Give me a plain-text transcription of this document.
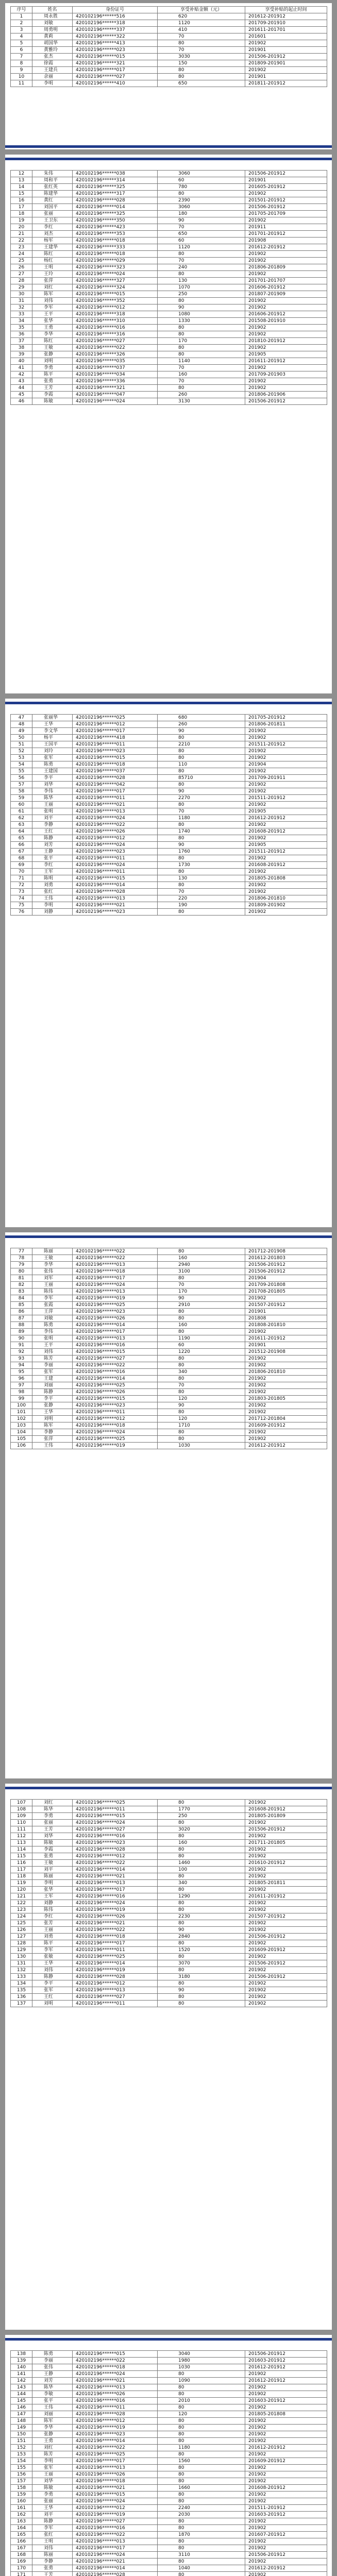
序号	姓名	身份证号	享受补贴金额（元）	享受补贴的起止时间
1	周永胜	420102196******516	620	201612-201912
2	刘敏	420102196******318	1120	201709-201910
3	周勇明	420102196******337	410	201611-201701
4	黄莉	420102196******322	70	201601
5	胡国华	420102196******413	80	201902
6	黄雅玲	420102196******023	70	201901
7	张杰	420102196******015	3030	201506-201912
8	徐霞	420102196******321	150	201809-201901
9	王建兵	420102196******017	80	201902
10	余丽	420102196******027	80	201901
11	李明	420102196******410	650	201811-201912
12	朱伟	420102196******038	3060	201506-201912
13	周和平	420102196******314	60	201901
14	张红英	420102196******325	780	201605-201912
15	陈建华	420102196******317	80	201902
16	黄红	420102196******028	2390	201501-201912
17	刘国平	420102196******014	3060	201506-201912
18	张丽	420102196******325	180	201705-201709
19	王卫东	420102196******350	90	201902
20	李红	420102196******423	70	201911
21	刘杰	420102196******353	650	201701-201912
22	杨军	420102196******018	60	201908
23	王建华	420102196******333	1120	201612-201912
24	陈红	420102196******018	80	201902
25	杨红	420102196******029	70	201902
26	王明	420102196******323	240	201806-201809
27	王玲	420102196******024	80	201902
28	张萍	420102196******327	130	201701-201707
29	刘红	420102196******324	1070	201606-201912
30	陈军	420102196******015	250	201807-201909
31	刘伟	420102196******352	80	201902
32	李军	420102196******012	90	201902
33	王平	420102196******318	1080	201606-201912
34	张华	420102196******310	1330	201508-201910
35	王勇	420102196******016	80	201902
36	李华	420102196******316	80	201902
37	陈红	420102196******027	170	201810-201912
38	王敏	420102196******022	80	201902
39	张静	420102196******326	80	201905
40	刘明	420102196******035	1140	201611-201912
41	李勇	420102196******037	70	201902
42	陈平	420102196******034	160	201709-201903
43	张勇	420102196******336	70	201902
44	王芳	420102196******321	80	201902
45	李霞	420102196******047	260	201806-201906
46	陈敏	420102196******024	3130	201506-201912
47	张丽华	420102196******025	680	201705-201912
48	王华	420102196******012	260	201806-201811
49	李文华	420102196******017	90	201902
50	杨平	420102196******418	80	201902
51	王国平	420102196******011	2210	201511-201912
52	刘玲	420102196******023	80	201902
53	张军	420102196******015	80	201902
54	陈勇	420102196******018	110	201904
55	王建国	420102196******037	80	201902
56	李平	420102196******028	85710	201709-201911
57	刘华	420102196******042	80	201902
58	李伟	420102196******017	90	201902
59	陈华	420102196******011	2270	201511-201912
60	王丽	420102196******021	80	201902
61	张明	420102196******013	70	201905
62	刘平	420102196******024	1180	201612-201912
63	李静	420102196******022	80	201902
64	王红	420102196******026	1740	201608-201912
65	陈静	420102196******012	80	201902
66	刘芳	420102196******024	90	201905
67	王静	420102196******023	1760	201511-201912
68	张平	420102196******011	80	201902
69	李红	420102196******024	1730	201608-201912
70	王军	420102196******011	80	201902
71	陈明	420102196******015	130	201805-201808
72	刘勇	420102196******014	80	201902
73	张红	420102196******028	70	201902
74	王伟	420102196******013	220	201806-201810
75	李明	420102196******021	190	201809-201902
76	刘静	420102196******023	80	201902
77	陈丽	420102196******022	80	201712-201908
78	王敏	420102196******022	160	201612-201803
79	李华	420102196******013	2940	201506-201912
80	张伟	420102196******018	3100	201506-201912
81	刘军	420102196******017	80	201904
82	王丽	420102196******024	70	201709-201808
83	陈伟	420102196******013	170	201708-201805
84	李军	420102196******019	90	201902
85	张霞	420102196******025	2910	201507-201912
86	王萍	420102196******023	80	201901
87	刘敏	420102196******026	80	201808
88	陈勇	420102196******014	160	201808-201810
89	李伟	420102196******017	80	201902
90	张明	420102196******013	1190	201611-201912
91	王平	420102196******016	60	201901
92	刘伟	420102196******015	1220	201512-201908
93	陈芳	420102196******027	80	201902
94	李丽	420102196******022	80	201902
95	张军	420102196******016	340	201806-201810
96	王建	420102196******014	80	201902
97	刘丽	420102196******025	70	201902
98	陈静	420102196******026	80	201902
99	李平	420102196******015	120	201803-201805
100	张静	420102196******023	90	201902
101	王华	420102196******011	80	201902
102	刘明	420102196******012	120	201712-201804
103	陈军	420102196******018	1710	201609-201912
104	李静	420102196******024	80	201902
105	张萍	420102196******025	80	201902
106	王伟	420102196******019	1030	201612-201912
107	刘红	420102196******025	80	201902
108	陈华	420102196******011	1770	201608-201912
109	李勇	420102196******015	250	201805-201809
110	张丽	420102196******024	80	201902
111	王芳	420102196******027	3020	201506-201912
112	刘华	420102196******016	80	201902
113	陈敏	420102196******023	160	201711-201805
114	李霞	420102196******028	80	201902
115	张勇	420102196******012	80	201902
116	王敏	420102196******022	1460	201610-201912
117	刘平	420102196******014	100	201902
118	陈丽	420102196******021	80	201902
119	李明	420102196******013	340	201805-201811
120	张华	420102196******017	80	201902
121	王军	420102196******016	1290	201611-201912
122	刘静	420102196******024	80	201902
123	陈伟	420102196******019	80	201902
124	李红	420102196******026	2230	201507-201912
125	张芳	420102196******021	80	201902
126	王丽	420102196******022	90	201902
127	刘勇	420102196******018	2840	201506-201912
128	陈平	420102196******017	80	201902
129	李军	420102196******011	1520	201609-201912
130	张敏	420102196******025	80	201902
131	王华	420102196******014	3070	201506-201912
132	刘伟	420102196******019	80	201902
133	陈静	420102196******028	3180	201506-201912
134	李平	420102196******012	80	201902
135	张军	420102196******013	90	201902
136	王红	420102196******027	80	201902
137	刘明	420102196******011	80	201902
138	陈勇	420102196******015	3040	201506-201912
139	李丽	420102196******022	1980	201603-201912
140	张伟	420102196******018	1030	201612-201912
141	王静	420102196******024	80	201902
142	刘芳	420102196******021	1090	201612-201912
143	陈华	420102196******013	80	201902
144	李敏	420102196******026	80	201902
145	张平	420102196******016	2010	201603-201912
146	王伟	420102196******011	80	201902
147	刘丽	420102196******028	120	201805-201808
148	陈军	420102196******012	80	201902
149	李华	420102196******019	80	201902
150	张静	420102196******023	80	201902
151	王勇	420102196******014	80	201902
152	刘红	420102196******022	1180	201612-201912
153	陈芳	420102196******025	80	201902
154	李明	420102196******017	1560	201609-201912
155	张军	420102196******013	80	201902
156	王丽	420102196******026	80	201902
157	刘华	420102196******018	80	201902
158	陈敏	420102196******021	1660	201608-201912
159	李勇	420102196******015	80	201902
160	张丽	420102196******024	80	201902
161	王华	420102196******012	2240	201511-201912
162	刘平	420102196******019	2030	201603-201912
163	陈静	420102196******027	80	201902
164	李军	420102196******016	80	201902
165	张红	420102196******022	1870	201607-201912
166	王明	420102196******013	80	201902
167	刘伟	420102196******017	80	201902
168	陈丽	420102196******024	3110	201506-201912
169	李静	420102196******021	80	201902
170	张勇	420102196******014	1040	201612-201912
171	王芳	420102196******028	80	201902
